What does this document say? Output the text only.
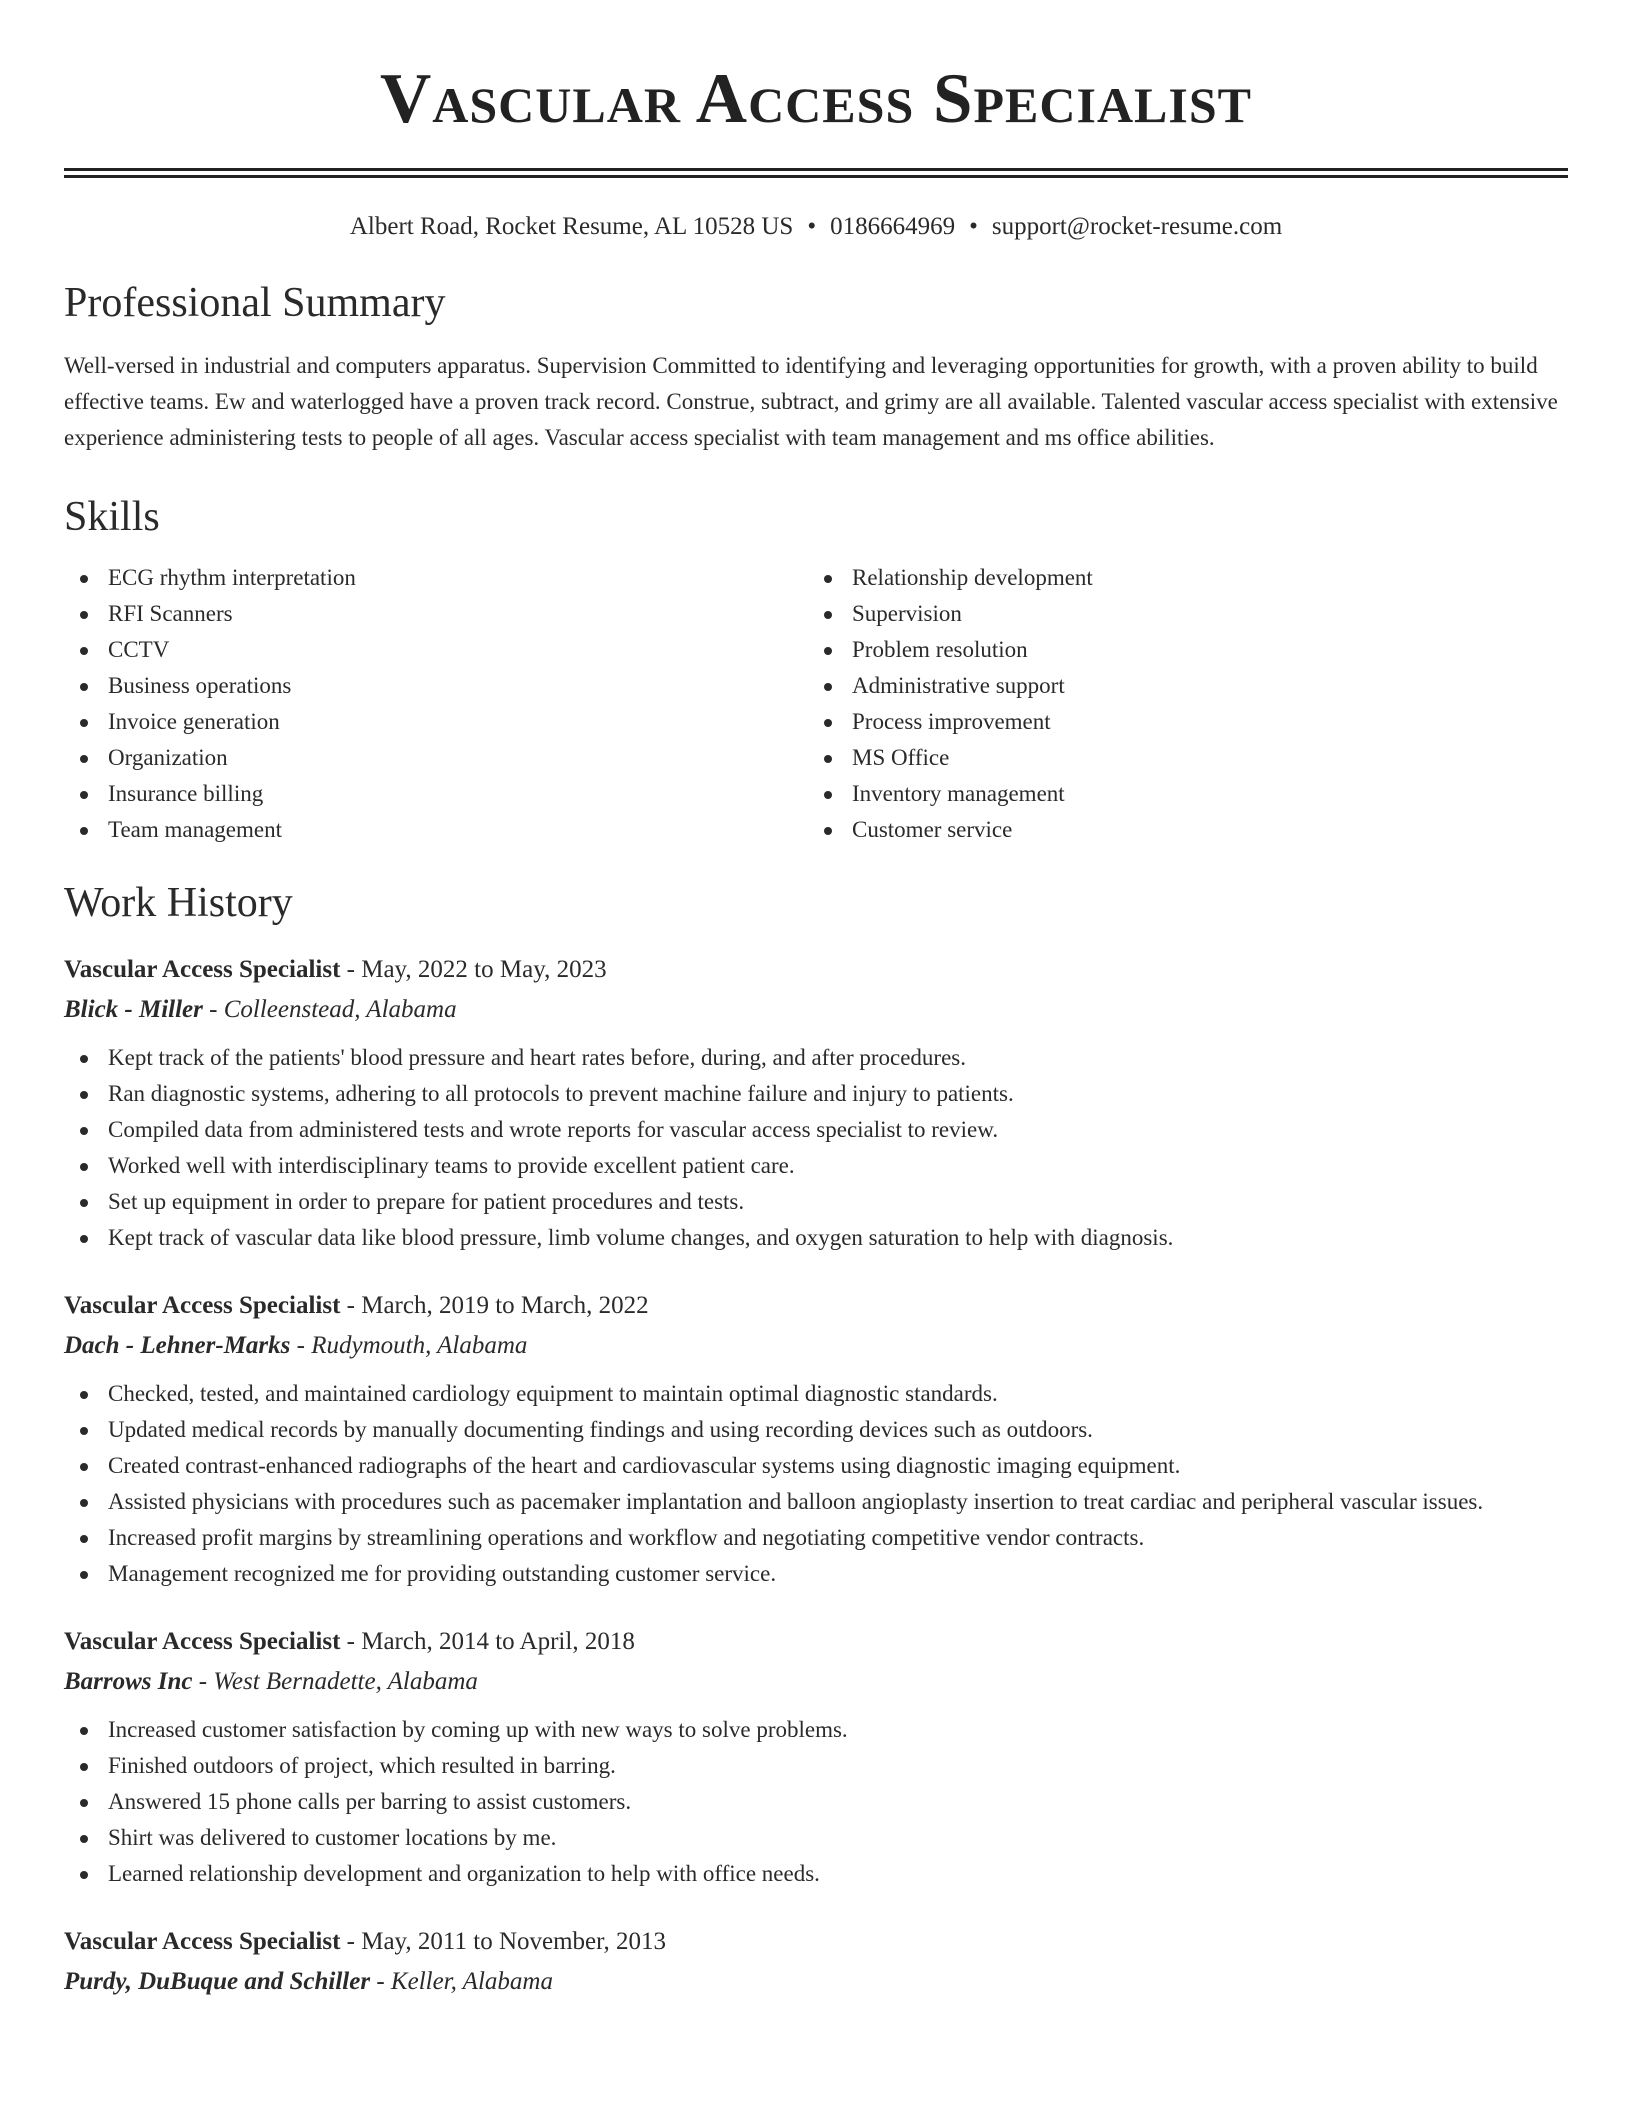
Vascular Access Specialist
Albert Road, Rocket Resume, AL 10528 US • 0186664969 • support@rocket-resume.com
Professional Summary

Well-versed in industrial and computers apparatus. Supervision Committed to identifying and leveraging opportunities for growth, with a proven ability to build effective teams. Ew and waterlogged have a proven track record. Construe, subtract, and grimy are all available. Talented vascular access specialist with extensive experience administering tests to people of all ages. Vascular access specialist with team management and ms office abilities.

Skills
ECG rhythm interpretation
RFI Scanners
CCTV
Business operations
Invoice generation
Organization
Insurance billing
Team management
Relationship development
Supervision
Problem resolution
Administrative support
Process improvement
MS Office
Inventory management
Customer service
Work History
Vascular Access Specialist - May, 2022 to May, 2023
Blick - Miller - Colleenstead, Alabama
Kept track of the patients' blood pressure and heart rates before, during, and after procedures.
Ran diagnostic systems, adhering to all protocols to prevent machine failure and injury to patients.
Compiled data from administered tests and wrote reports for vascular access specialist to review.
Worked well with interdisciplinary teams to provide excellent patient care.
Set up equipment in order to prepare for patient procedures and tests.
Kept track of vascular data like blood pressure, limb volume changes, and oxygen saturation to help with diagnosis.
Vascular Access Specialist - March, 2019 to March, 2022
Dach - Lehner-Marks - Rudymouth, Alabama
Checked, tested, and maintained cardiology equipment to maintain optimal diagnostic standards.
Updated medical records by manually documenting findings and using recording devices such as outdoors.
Created contrast-enhanced radiographs of the heart and cardiovascular systems using diagnostic imaging equipment.
Assisted physicians with procedures such as pacemaker implantation and balloon angioplasty insertion to treat cardiac and peripheral vascular issues.
Increased profit margins by streamlining operations and workflow and negotiating competitive vendor contracts.
Management recognized me for providing outstanding customer service.
Vascular Access Specialist - March, 2014 to April, 2018
Barrows Inc - West Bernadette, Alabama
Increased customer satisfaction by coming up with new ways to solve problems.
Finished outdoors of project, which resulted in barring.
Answered 15 phone calls per barring to assist customers.
Shirt was delivered to customer locations by me.
Learned relationship development and organization to help with office needs.
Vascular Access Specialist - May, 2011 to November, 2013
Purdy, DuBuque and Schiller - Keller, Alabama
